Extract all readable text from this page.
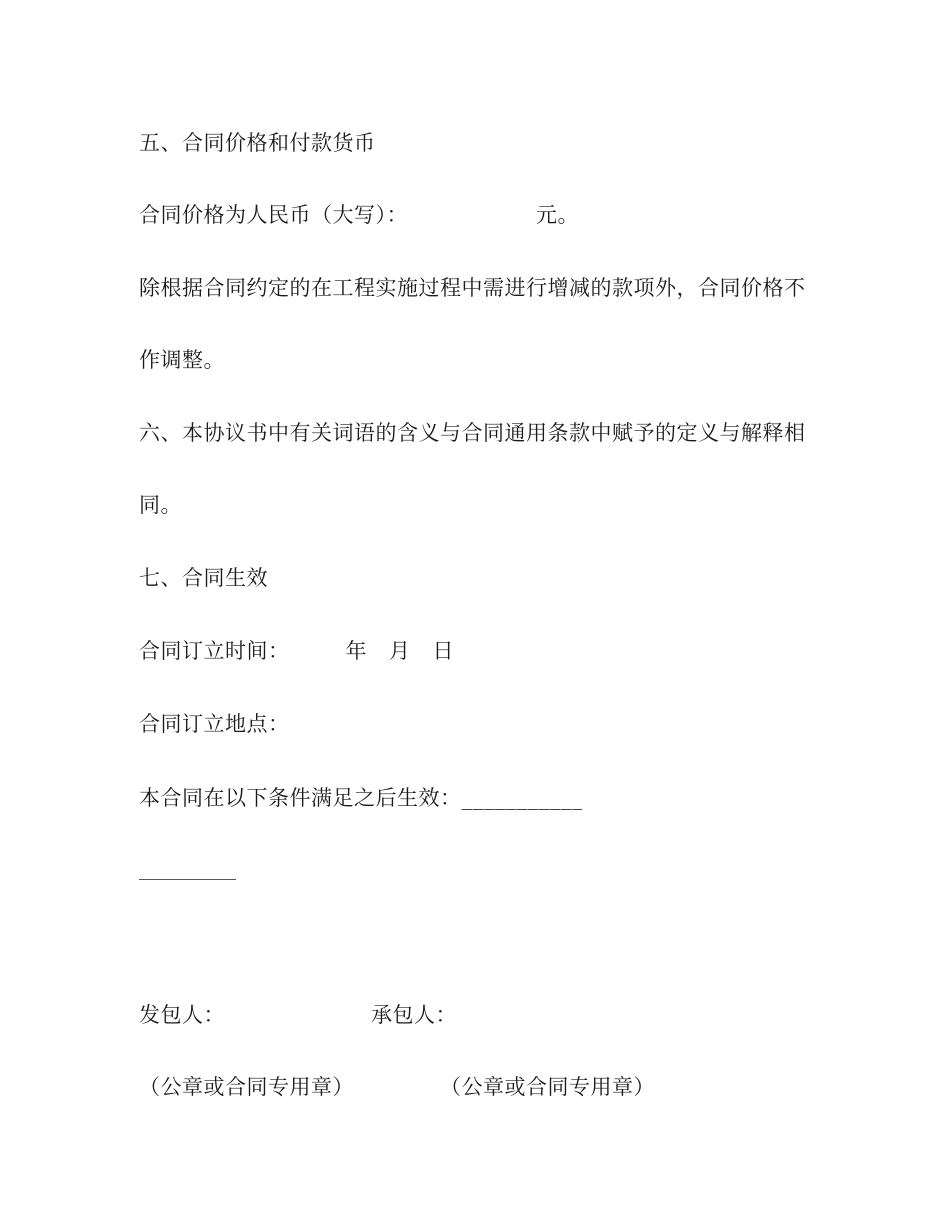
五、合同价格和付款货币
合同价格为人民币（大写）：	元。
除根据合同约定的在工程实施过程中需进行增减的款项外，合同价格不
作调整。
六、本协议书中有关词语的含义与合同通用条款中赋予的定义与解释相
同。
七、合同生效
合同订立时间：	年 月 日
合同订立地点：
本合同在以下条件满足之后生效：___________
发包人：	承包人：
（公章或合同专用章）	（公章或合同专用章）
